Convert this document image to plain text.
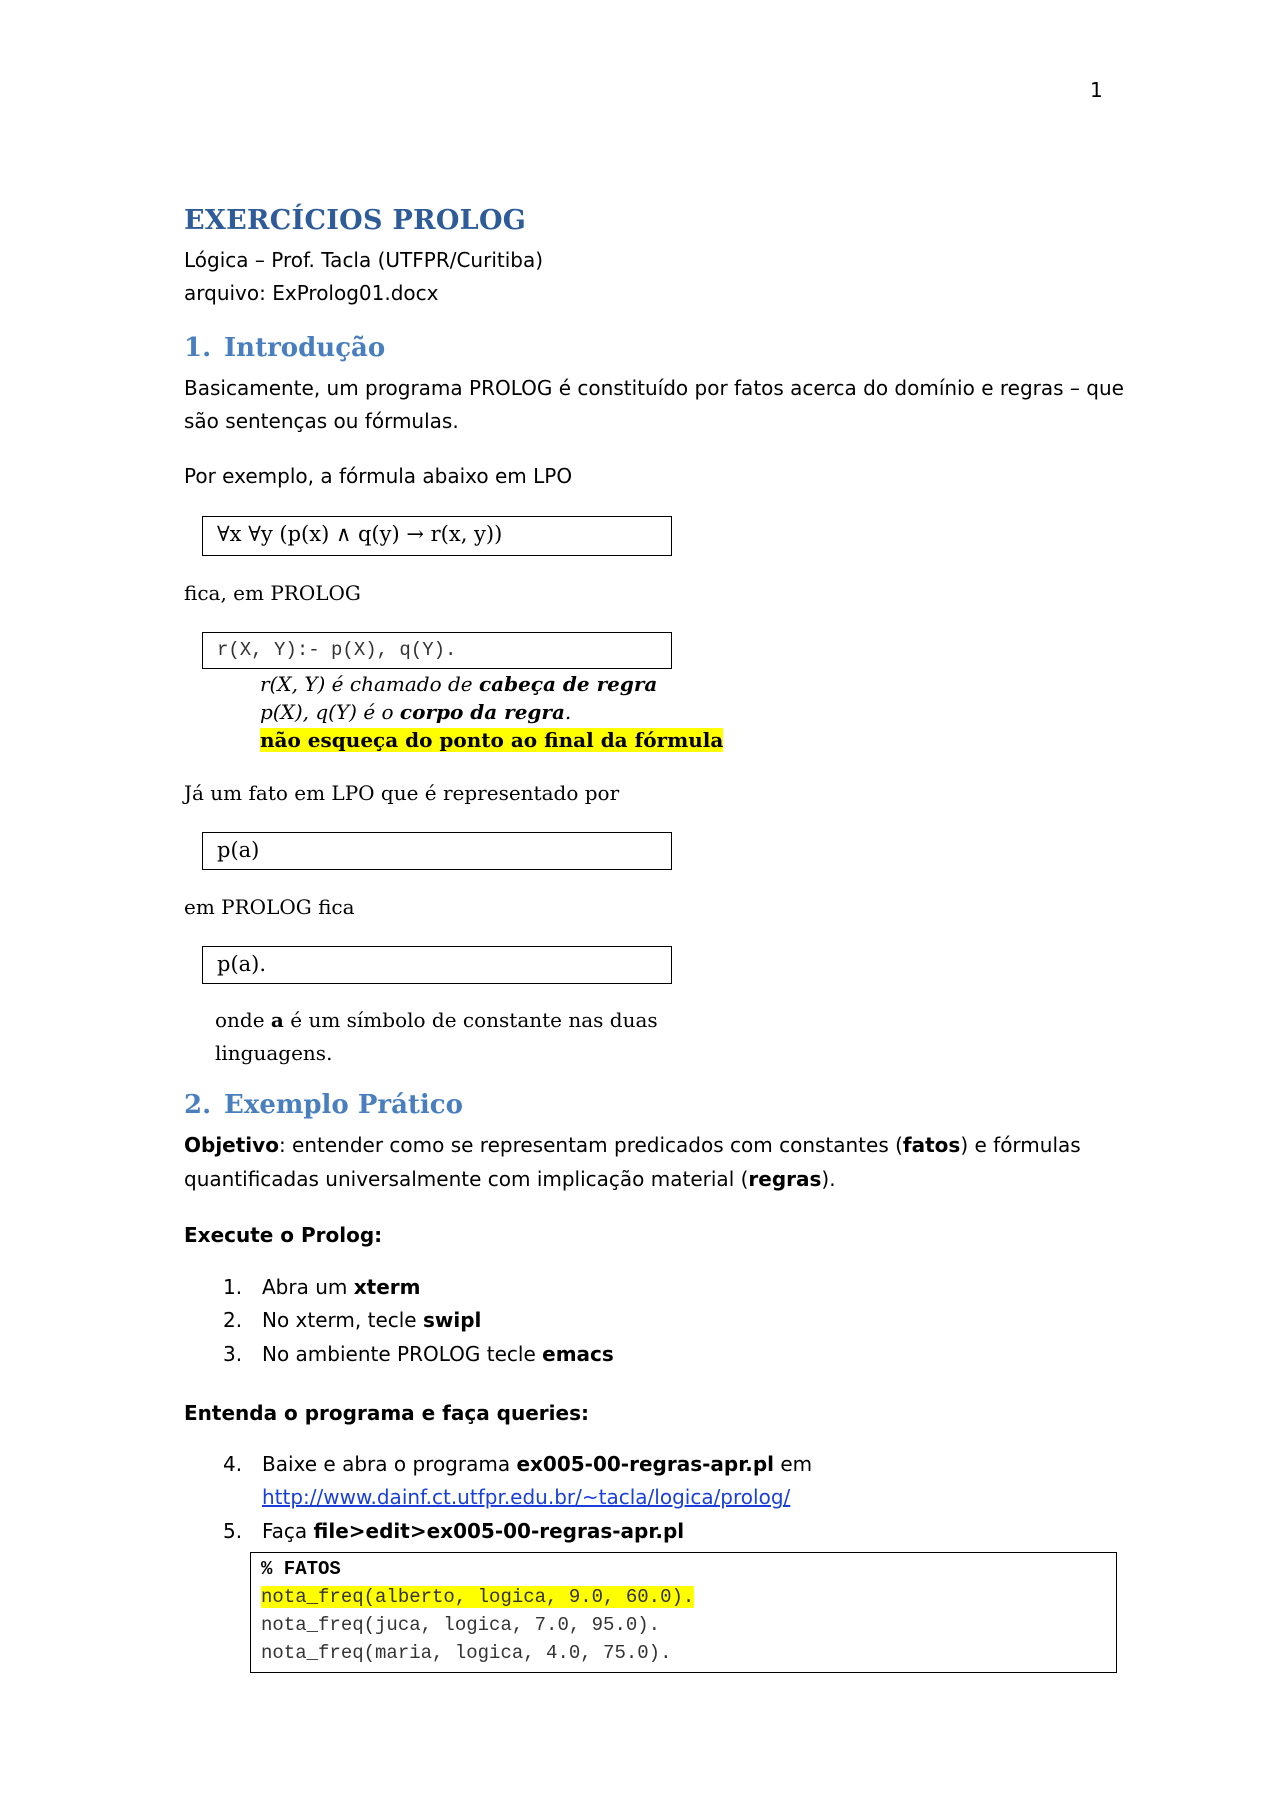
1
EXERCÍCIOS PROLOG
Lógica – Prof. Tacla (UTFPR/Curitiba)
arquivo: ExProlog01.docx
1. Introdução
Basicamente, um programa PROLOG é constituído por fatos acerca do domínio e regras – que
são sentenças ou fórmulas.
Por exemplo, a fórmula abaixo em LPO
∀x ∀y (p(x) ∧ q(y) → r(x, y))
fica, em PROLOG
r(X, Y):- p(X), q(Y).
r(X, Y) é chamado de cabeça de regra
p(X), q(Y) é o corpo da regra.
não esqueça do ponto ao final da fórmula
Já um fato em LPO que é representado por
p(a)
em PROLOG fica
p(a).
onde a é um símbolo de constante nas duas
linguagens.
2. Exemplo Prático
Objetivo: entender como se representam predicados com constantes (fatos) e fórmulas
quantificadas universalmente com implicação material (regras).
Execute o Prolog:
1. Abra um xterm
2. No xterm, tecle swipl
3. No ambiente PROLOG tecle emacs
Entenda o programa e faça queries:
4. Baixe e abra o programa ex005-00-regras-apr.pl em
http://www.dainf.ct.utfpr.edu.br/~tacla/logica/prolog/
5. Faça file>edit>ex005-00-regras-apr.pl
% FATOS
nota_freq(alberto, logica, 9.0, 60.0).
nota_freq(juca, logica, 7.0, 95.0).
nota_freq(maria, logica, 4.0, 75.0).
